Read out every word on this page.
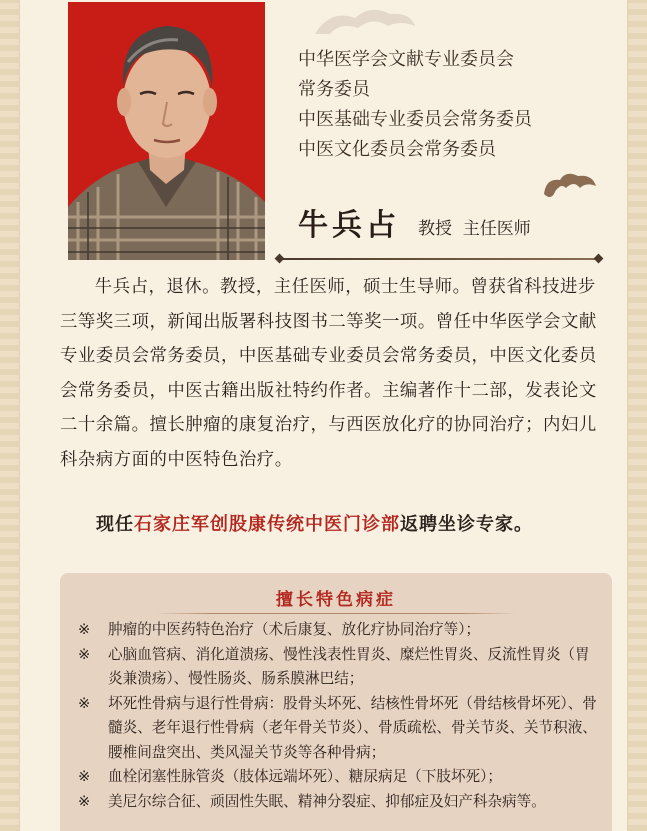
中华医学会文献专业委员会
常务委员
中医基础专业委员会常务委员
中医文化委员会常务委员
牛兵占 教授  主任医师

牛兵占，退休。教授，主任医师，硕士生导师。曾获省科技进步三等奖三项，新闻出版署科技图书二等奖一项。曾任中华医学会文献专业委员会常务委员，中医基础专业委员会常务委员，中医文化委员会常务委员，中医古籍出版社特约作者。主编著作十二部，发表论文二十余篇。擅长肿瘤的康复治疗，与西医放化疗的协同治疗；内妇儿科杂病方面的中医特色治疗。

现任石家庄军创股康传统中医门诊部返聘坐诊专家。

擅长特色病症
※ 肿瘤的中医药特色治疗（术后康复、放化疗协同治疗等）；
※ 心脑血管病、消化道溃疡、慢性浅表性胃炎、糜烂性胃炎、反流性胃炎（胃炎兼溃疡）、慢性肠炎、肠系膜淋巴结；
※ 坏死性骨病与退行性骨病：股骨头坏死、结核性骨坏死（骨结核骨坏死）、骨髓炎、老年退行性骨病（老年骨关节炎）、骨质疏松、骨关节炎、关节积液、腰椎间盘突出、类风湿关节炎等各种骨病；
※ 血栓闭塞性脉管炎（肢体远端坏死）、糖尿病足（下肢坏死）；
※ 美尼尔综合征、顽固性失眠、精神分裂症、抑郁症及妇产科杂病等。
